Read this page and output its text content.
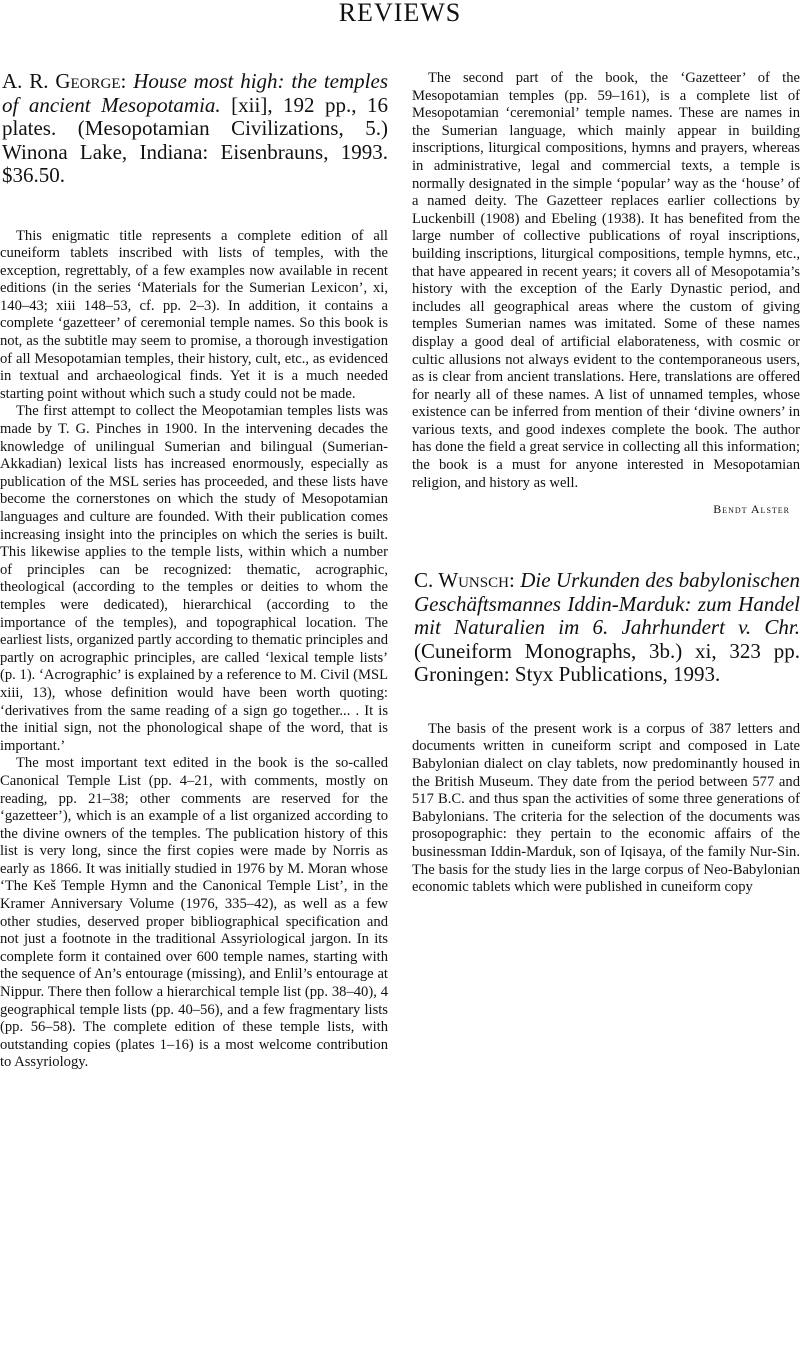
REVIEWS
A. R. George: House most high: the temples of ancient Mesopotamia. [xii], 192 pp., 16 plates. (Mesopotamian Civilizations, 5.) Winona Lake, Indiana: Eisenbrauns, 1993. $36.50.

This enigmatic title represents a complete edition of all cuneiform tablets inscribed with lists of temples, with the exception, regrettably, of a few examples now available in recent editions (in the series ‘Materials for the Sumerian Lexicon’, xi, 140–43; xiii 148–53, cf. pp. 2–3). In addition, it contains a complete ‘gazetteer’ of ceremonial temple names. So this book is not, as the subtitle may seem to promise, a thorough investigation of all Mesopotamian temples, their history, cult, etc., as evidenced in textual and archaeological finds. Yet it is a much needed starting point without which such a study could not be made.

The first attempt to collect the Meopotamian temples lists was made by T. G. Pinches in 1900. In the intervening decades the knowledge of unilingual Sumerian and bilingual (Sumerian-Akkadian) lexical lists has increased enormously, especially as publication of the MSL series has proceeded, and these lists have become the cornerstones on which the study of Mesopotamian languages and culture are founded. With their publication comes increasing insight into the principles on which the series is built. This likewise applies to the temple lists, within which a number of principles can be recognized: thematic, acrographic, theological (according to the temples or deities to whom the temples were dedicated), hierarchical (according to the importance of the temples), and topographical location. The earliest lists, organized partly according to thematic principles and partly on acrographic principles, are called ‘lexical temple lists’ (p. 1). ‘Acrographic’ is explained by a reference to M. Civil (MSL xiii, 13), whose definition would have been worth quoting: ‘derivatives from the same reading of a sign go together... . It is the initial sign, not the phonological shape of the word, that is important.’

The most important text edited in the book is the so-called Canonical Temple List (pp. 4–21, with comments, mostly on reading, pp. 21–38; other comments are reserved for the ‘gazetteer’), which is an example of a list organized according to the divine owners of the temples. The publication history of this list is very long, since the first copies were made by Norris as early as 1866. It was initially studied in 1976 by M. Moran whose ‘The Keš Temple Hymn and the Canonical Temple List’, in the Kramer Anniversary Volume (1976, 335–42), as well as a few other studies, deserved proper bibliographical specification and not just a footnote in the traditional Assyriological jargon. In its complete form it contained over 600 temple names, starting with the sequence of An’s entourage (missing), and Enlil’s entourage at Nippur. There then follow a hierarchical temple list (pp. 38–40), 4 geographical temple lists (pp. 40–56), and a few fragmentary lists (pp. 56–58). The complete edition of these temple lists, with outstanding copies (plates 1–16) is a most welcome contribution to Assyriology.

The second part of the book, the ‘Gazetteer’ of the Mesopotamian temples (pp. 59–161), is a complete list of Mesopotamian ‘ceremonial’ temple names. These are names in the Sumerian language, which mainly appear in building inscriptions, liturgical compositions, hymns and prayers, whereas in administrative, legal and commercial texts, a temple is normally designated in the simple ‘popular’ way as the ‘house’ of a named deity. The Gazetteer replaces earlier collections by Luckenbill (1908) and Ebeling (1938). It has benefited from the large number of collective publications of royal inscriptions, building inscriptions, liturgical compositions, temple hymns, etc., that have appeared in recent years; it covers all of Mesopotamia’s history with the exception of the Early Dynastic period, and includes all geographical areas where the custom of giving temples Sumerian names was imitated. Some of these names display a good deal of artificial elaborateness, with cosmic or cultic allusions not always evident to the contemporaneous users, as is clear from ancient translations. Here, translations are offered for nearly all of these names. A list of unnamed temples, whose existence can be inferred from mention of their ‘divine owners’ in various texts, and good indexes complete the book. The author has done the field a great service in collecting all this information; the book is a must for anyone interested in Mesopotamian religion, and history as well.

Bendt Alster
C. Wunsch: Die Urkunden des babylonischen Geschäftsmannes Iddin-Marduk: zum Handel mit Naturalien im 6. Jahrhundert v. Chr. (Cuneiform Monographs, 3b.) xi, 323 pp. Groningen: Styx Publications, 1993.

The basis of the present work is a corpus of 387 letters and documents written in cuneiform script and composed in Late Babylonian dialect on clay tablets, now predominantly housed in the British Museum. They date from the period between 577 and 517 B.C. and thus span the activities of some three generations of Babylonians. The criteria for the selection of the documents was prosopographic: they pertain to the economic affairs of the businessman Iddin-Marduk, son of Iqisaya, of the family Nur-Sin. The basis for the study lies in the large corpus of Neo-Babylonian economic tablets which were published in cuneiform copy
